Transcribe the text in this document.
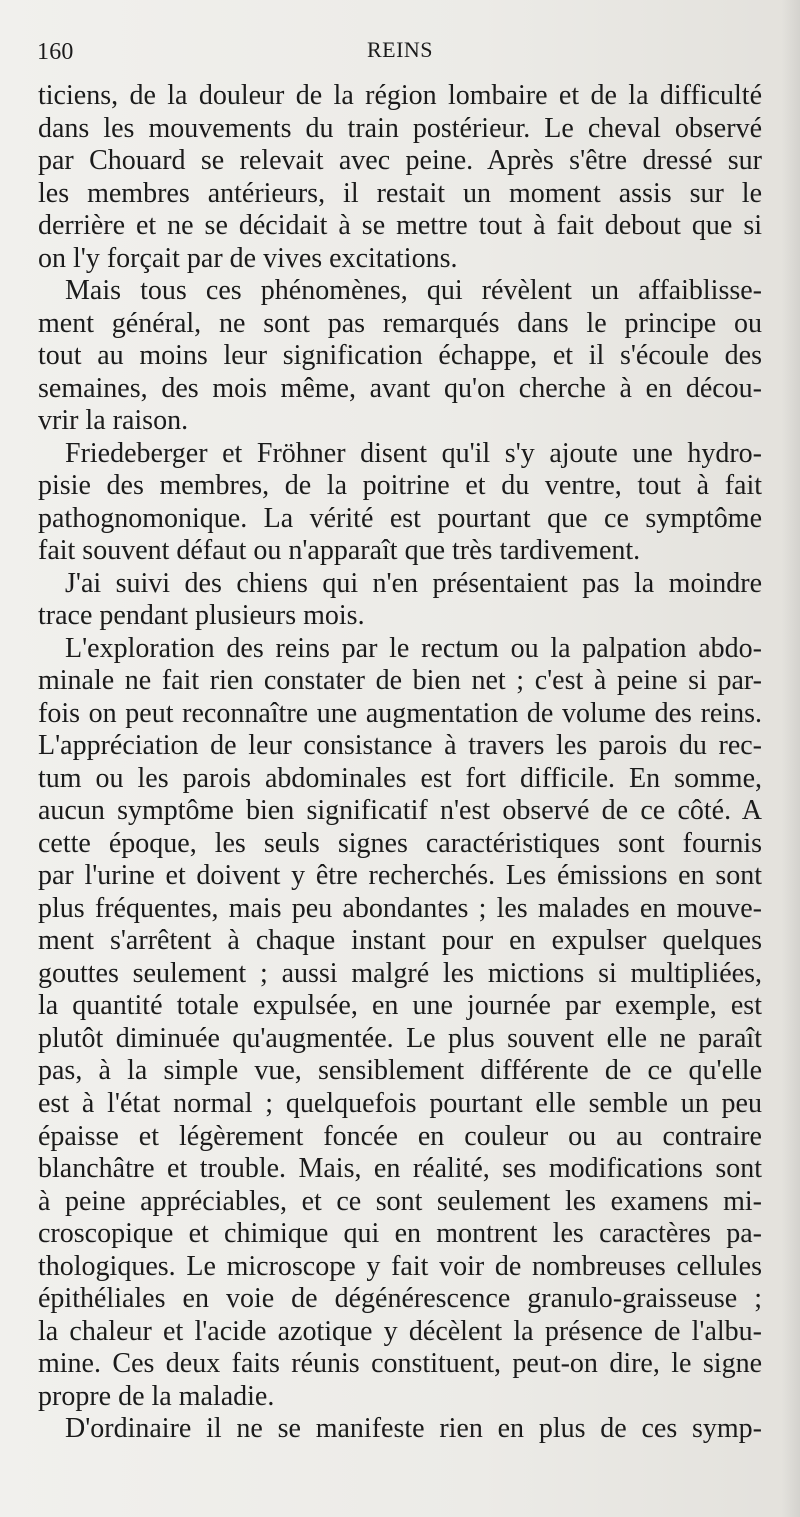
160	REINS
ticiens, de la douleur de la région lombaire et de la difficulté
dans les mouvements du train postérieur. Le cheval observé
par Chouard se relevait avec peine. Après s'être dressé sur
les membres antérieurs, il restait un moment assis sur le
derrière et ne se décidait à se mettre tout à fait debout que si
on l'y forçait par de vives excitations.
Mais tous ces phénomènes, qui révèlent un affaiblisse-
ment général, ne sont pas remarqués dans le principe ou
tout au moins leur signification échappe, et il s'écoule des
semaines, des mois même, avant qu'on cherche à en décou-
vrir la raison.
Friedeberger et Fröhner disent qu'il s'y ajoute une hydro-
pisie des membres, de la poitrine et du ventre, tout à fait
pathognomonique. La vérité est pourtant que ce symptôme
fait souvent défaut ou n'apparaît que très tardivement.
J'ai suivi des chiens qui n'en présentaient pas la moindre
trace pendant plusieurs mois.
L'exploration des reins par le rectum ou la palpation abdo-
minale ne fait rien constater de bien net ; c'est à peine si par-
fois on peut reconnaître une augmentation de volume des reins.
L'appréciation de leur consistance à travers les parois du rec-
tum ou les parois abdominales est fort difficile. En somme,
aucun symptôme bien significatif n'est observé de ce côté. A
cette époque, les seuls signes caractéristiques sont fournis
par l'urine et doivent y être recherchés. Les émissions en sont
plus fréquentes, mais peu abondantes ; les malades en mouve-
ment s'arrêtent à chaque instant pour en expulser quelques
gouttes seulement ; aussi malgré les mictions si multipliées,
la quantité totale expulsée, en une journée par exemple, est
plutôt diminuée qu'augmentée. Le plus souvent elle ne paraît
pas, à la simple vue, sensiblement différente de ce qu'elle
est à l'état normal ; quelquefois pourtant elle semble un peu
épaisse et légèrement foncée en couleur ou au contraire
blanchâtre et trouble. Mais, en réalité, ses modifications sont
à peine appréciables, et ce sont seulement les examens mi-
croscopique et chimique qui en montrent les caractères pa-
thologiques. Le microscope y fait voir de nombreuses cellules
épithéliales en voie de dégénérescence granulo-graisseuse ;
la chaleur et l'acide azotique y décèlent la présence de l'albu-
mine. Ces deux faits réunis constituent, peut-on dire, le signe
propre de la maladie.
D'ordinaire il ne se manifeste rien en plus de ces symp-
